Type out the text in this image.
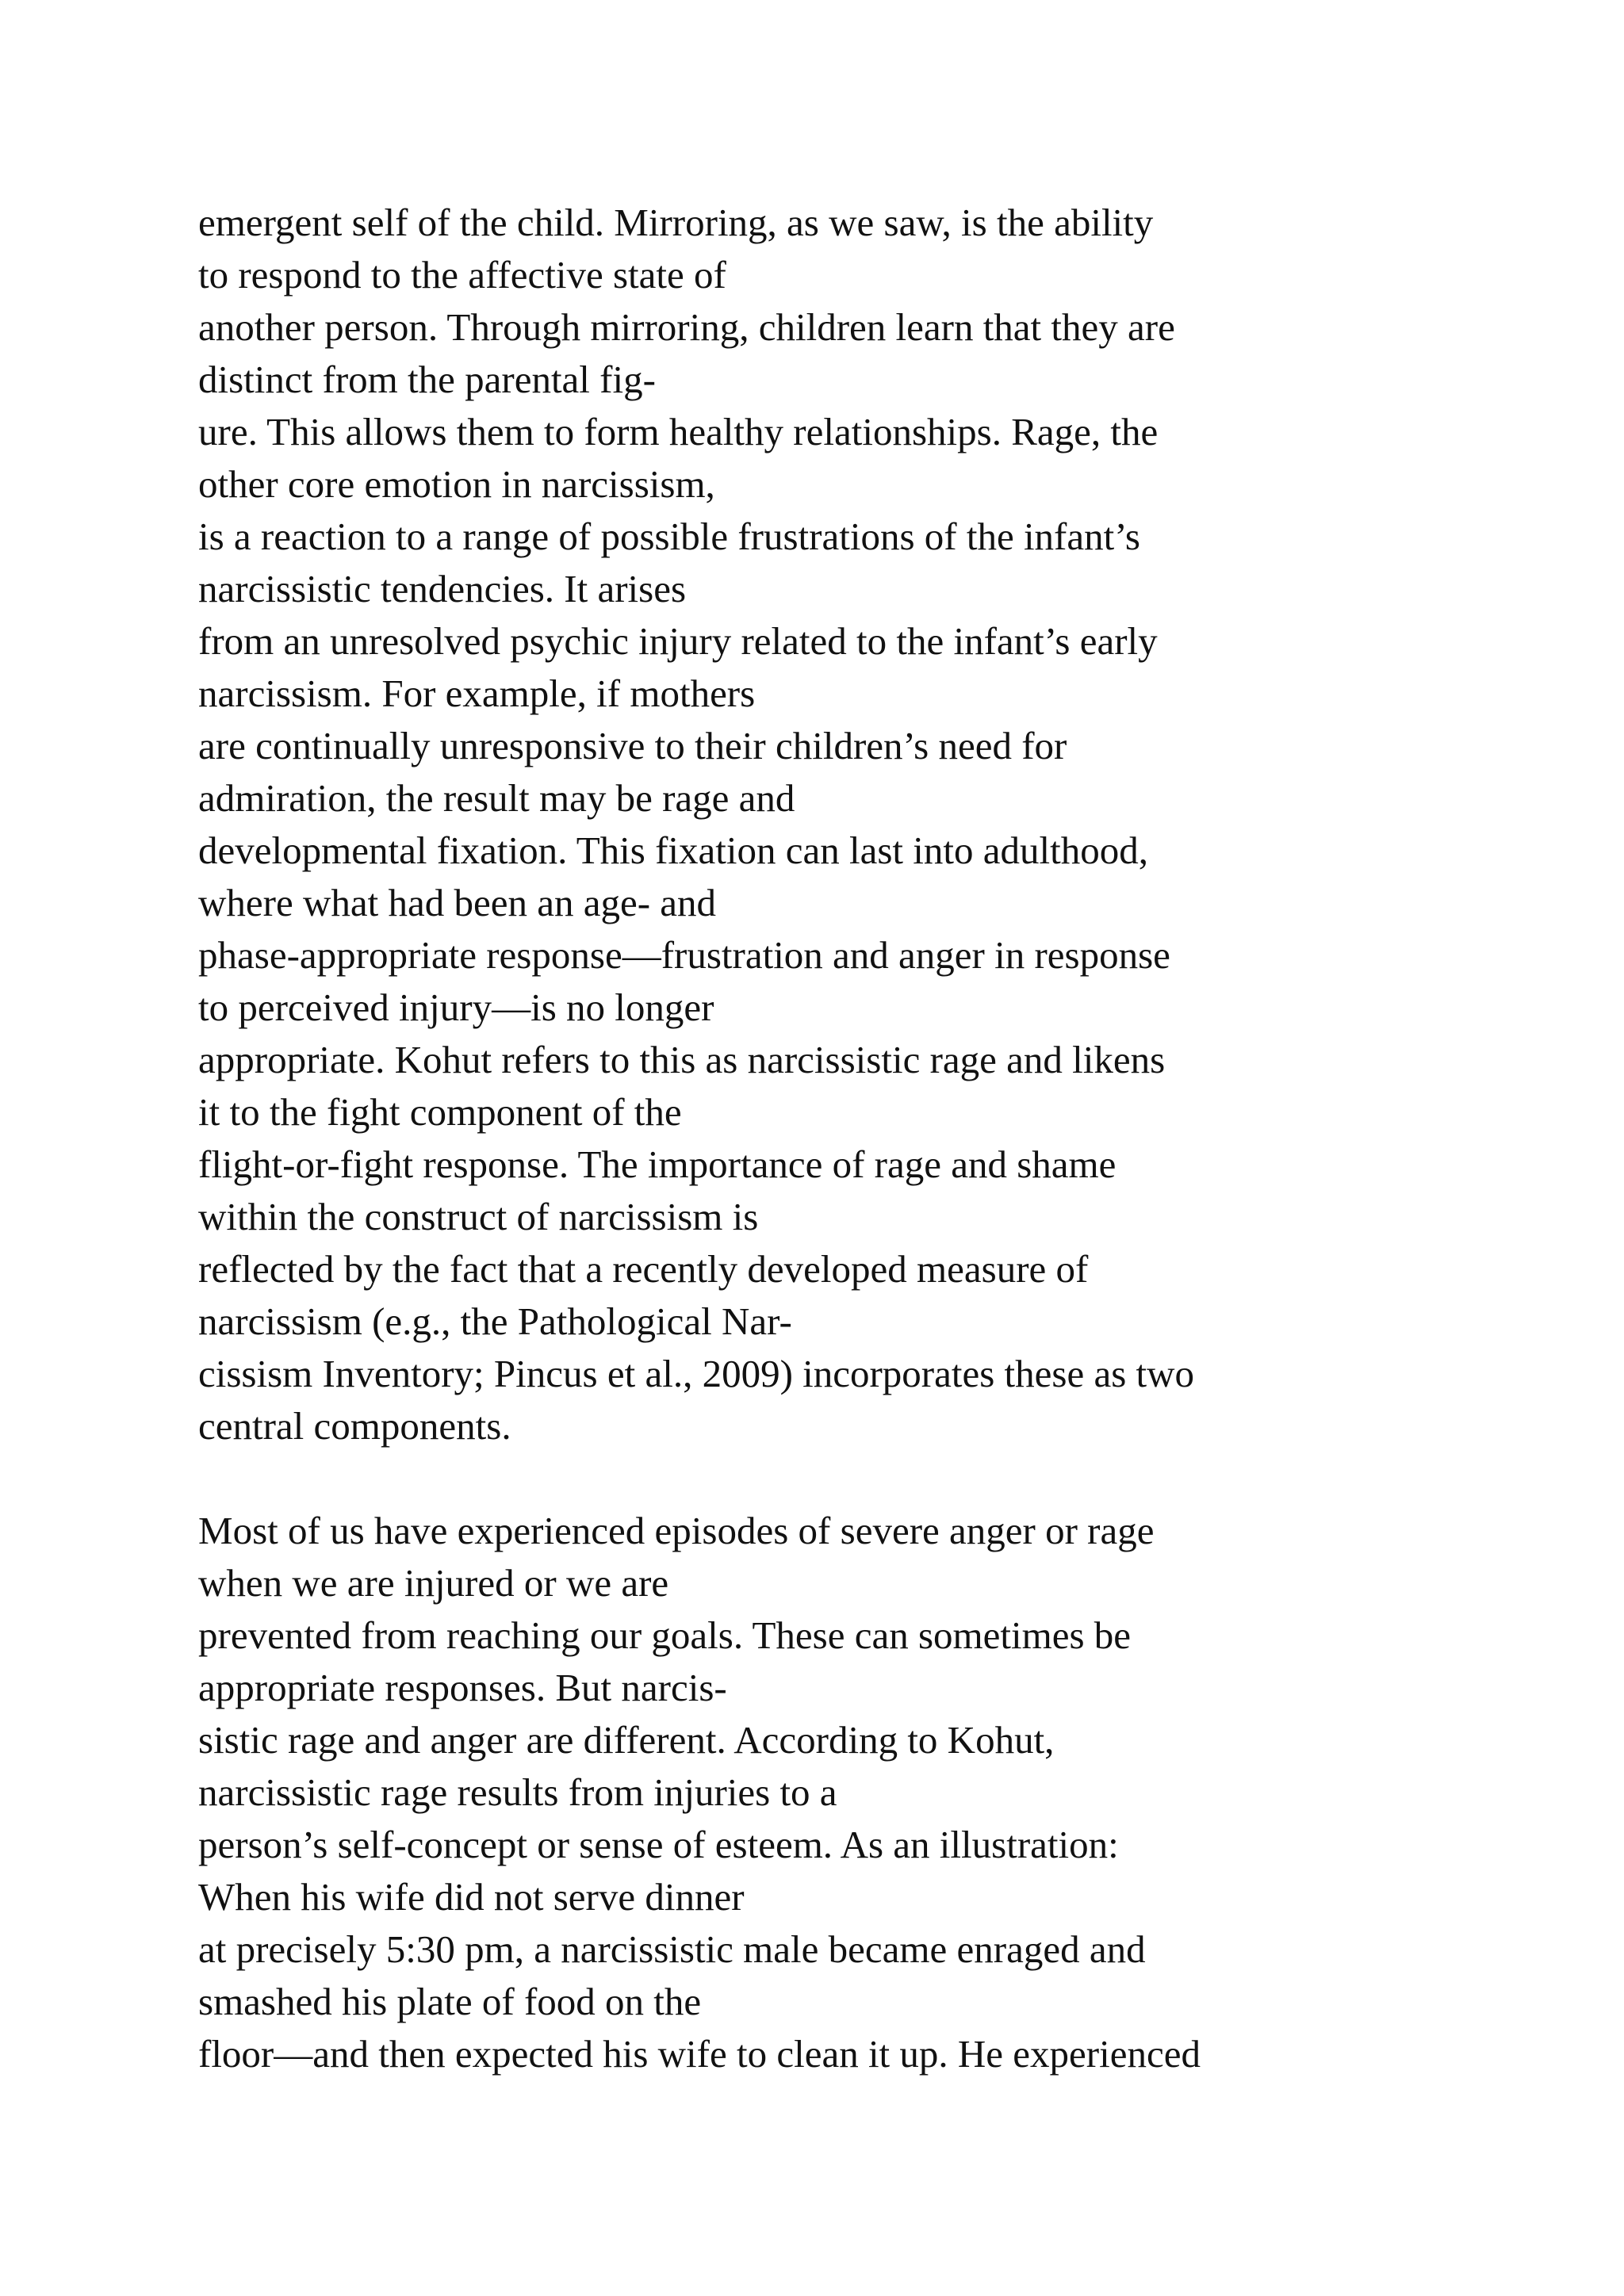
emergent self of the child. Mirroring, as we saw, is the ability
to respond to the affective state of
another person. Through mirroring, children learn that they are
distinct from the parental fig-
ure. This allows them to form healthy relationships. Rage, the
other core emotion in narcissism,
is a reaction to a range of possible frustrations of the infant’s
narcissistic tendencies. It arises
from an unresolved psychic injury related to the infant’s early
narcissism. For example, if mothers
are continually unresponsive to their children’s need for
admiration, the result may be rage and
developmental fixation. This fixation can last into adulthood,
where what had been an age- and
phase-appropriate response—frustration and anger in response
to perceived injury—is no longer
appropriate. Kohut refers to this as narcissistic rage and likens
it to the fight component of the
flight-or-fight response. The importance of rage and shame
within the construct of narcissism is
reflected by the fact that a recently developed measure of
narcissism (e.g., the Pathological Nar-
cissism Inventory; Pincus et al., 2009) incorporates these as two
central components.
Most of us have experienced episodes of severe anger or rage
when we are injured or we are
prevented from reaching our goals. These can sometimes be
appropriate responses. But narcis-
sistic rage and anger are different. According to Kohut,
narcissistic rage results from injuries to a
person’s self-concept or sense of esteem. As an illustration:
When his wife did not serve dinner
at precisely 5:30 pm, a narcissistic male became enraged and
smashed his plate of food on the
floor—and then expected his wife to clean it up. He experienced
